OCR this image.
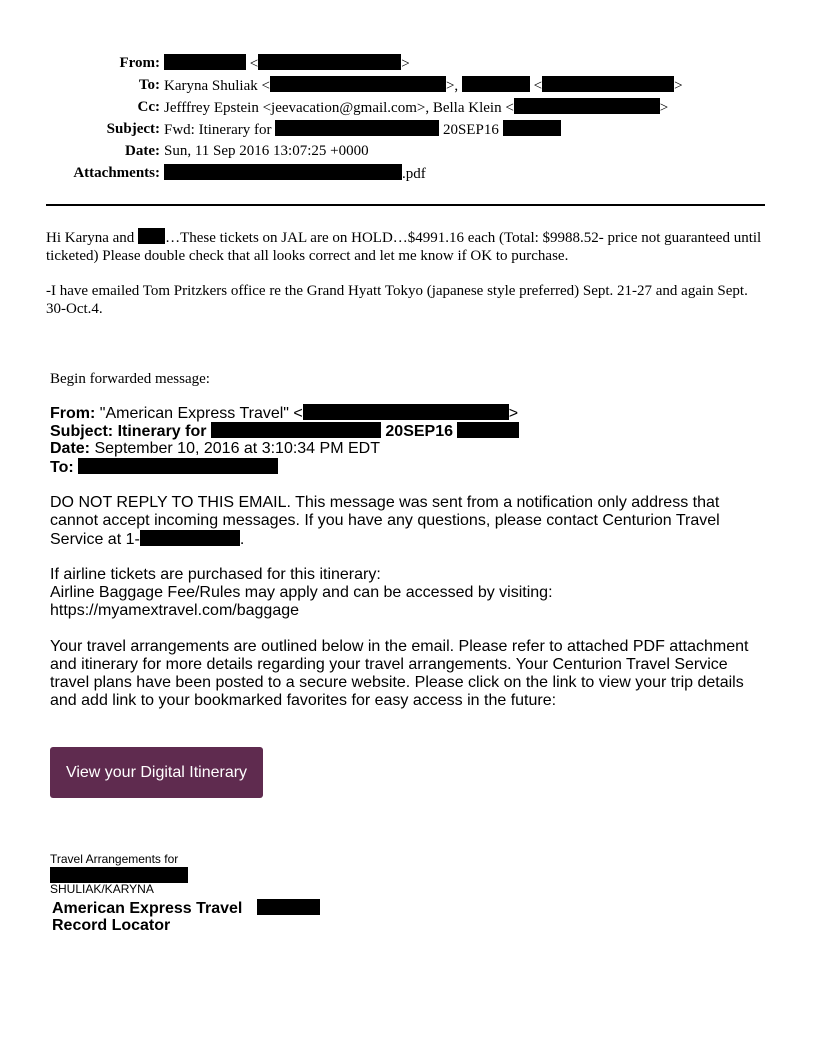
From:	<	>
To: Karyna Shuliak <	>,	<	>
Cc: Jefffrey Epstein <jeevacation@gmail.com>, Bella Klein <	>
Subject: Fwd: Itinerary for	20SEP16
Date: Sun, 11 Sep 2016 13:07:25 +0000
Attachments:	.pdf
Hi Karyna and …These tickets on JAL are on HOLD…$4991.16 each (Total: $9988.52- price not guaranteed until ticketed) Please double check that all looks correct and let me know if OK to purchase.
-I have emailed Tom Pritzkers office re the Grand Hyatt Tokyo (japanese style preferred) Sept. 21-27 and again Sept. 30-Oct.4.
Begin forwarded message:
From: "American Express Travel" <	>
Subject: Itinerary for	20SEP16
Date: September 10, 2016 at 3:10:34 PM EDT
To:
DO NOT REPLY TO THIS EMAIL. This message was sent from a notification only address that cannot accept incoming messages. If you have any questions, please contact Centurion Travel Service at 1-	.
If airline tickets are purchased for this itinerary:
Airline Baggage Fee/Rules may apply and can be accessed by visiting:
https://myamextravel.com/baggage
Your travel arrangements are outlined below in the email. Please refer to attached PDF attachment and itinerary for more details regarding your travel arrangements. Your Centurion Travel Service travel plans have been posted to a secure website. Please click on the link to view your trip details and add link to your bookmarked favorites for easy access in the future:
View your Digital Itinerary
Travel Arrangements for
SHULIAK/KARYNA
American Express Travel
Record Locator
